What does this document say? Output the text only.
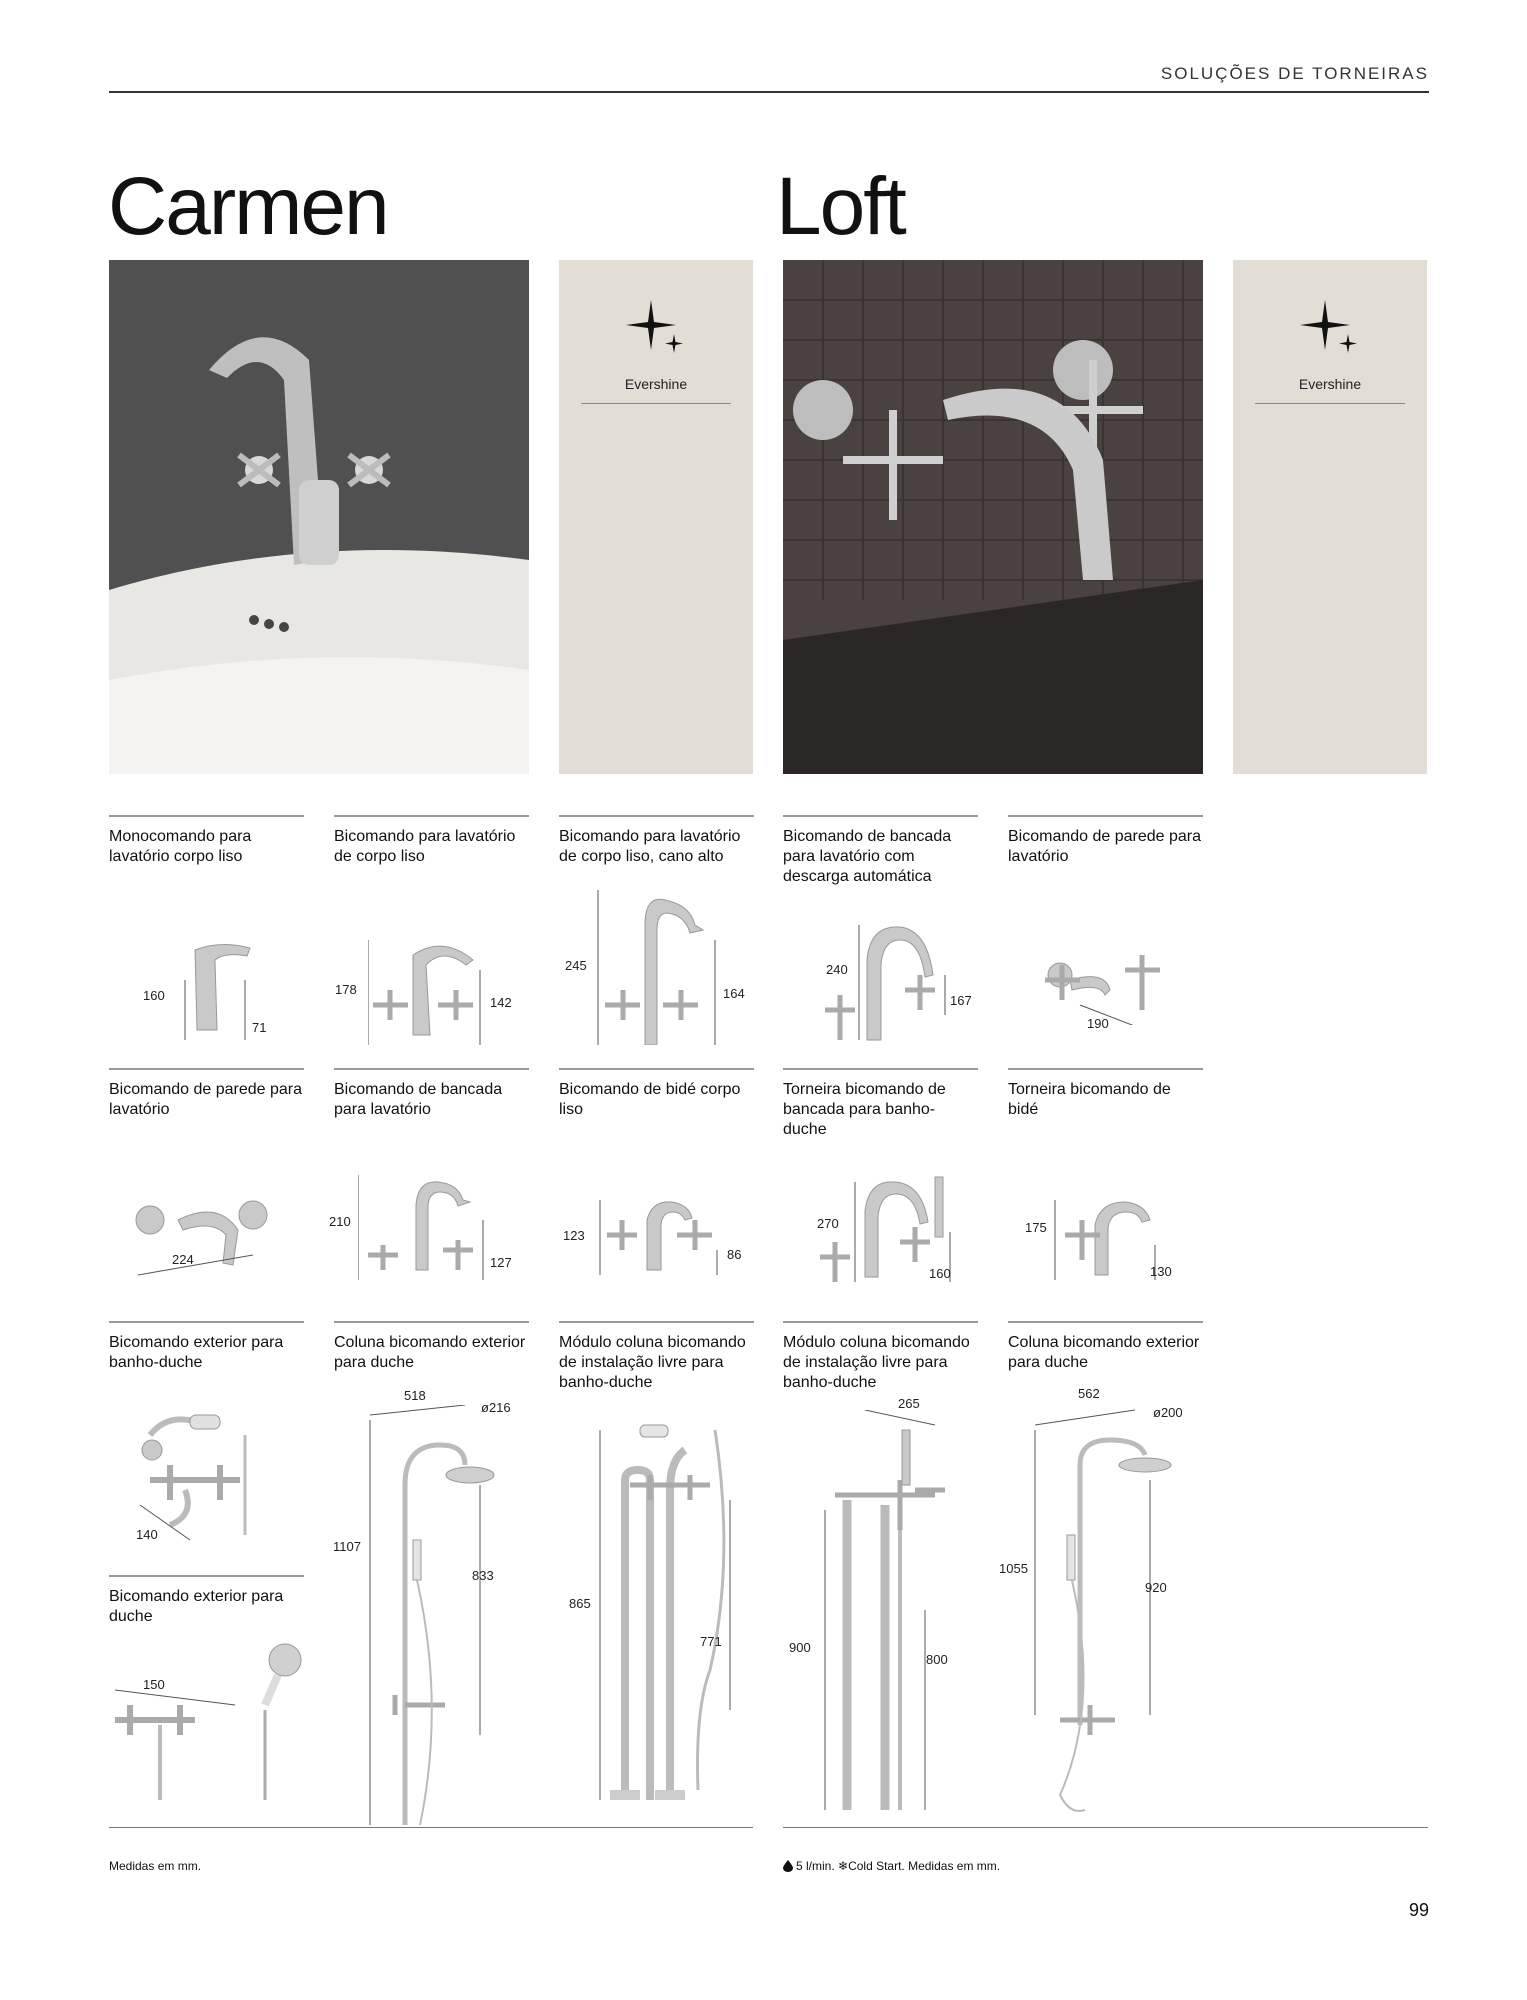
SOLUÇÕES DE TORNEIRAS
Carmen	Loft
Evershine	Evershine
Monocomando para lavatório corpo liso
160
71
Bicomando para lavatório de corpo liso
178
142
Bicomando para lavatório de corpo liso, cano alto
245
164
Bicomando de bancada para lavatório com descarga automática
240
167
Bicomando de parede para lavatório
190
Bicomando de parede para lavatório
224
Bicomando de bancada para lavatório
210
127
Bicomando de bidé corpo liso
123
86
Torneira bicomando de bancada para banho-duche
270
160
Torneira bicomando de bidé
175
130
Bicomando exterior para banho-duche
140
Bicomando exterior para duche
150
Coluna bicomando exterior para duche
518
ø216
1107
833
Módulo coluna bicomando de instalação livre para banho-duche
865
771
Módulo coluna bicomando de instalação livre para banho-duche
265
900
800
Coluna bicomando exterior para duche
562
ø200
1055
920
Medidas em mm.	5 l/min. ❄Cold Start. Medidas em mm.
99
